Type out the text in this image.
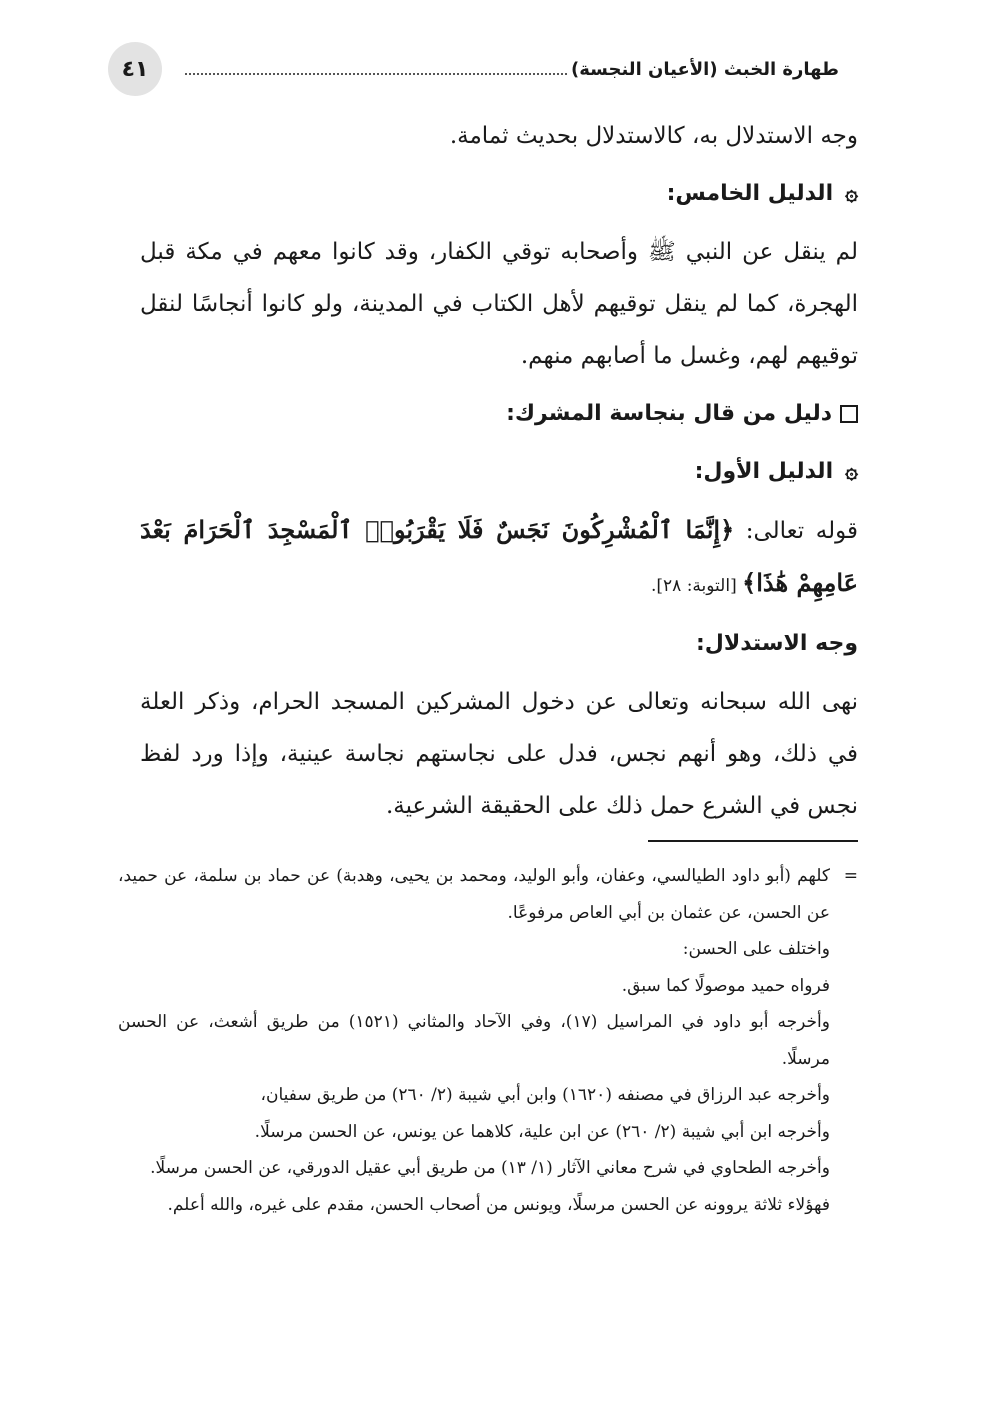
٤١	طهارة الخبث (الأعيان النجسة)

وجه الاستدلال به، كالاستدلال بحديث ثمامة.

۞الدليل الخامس:

لم ينقل عن النبي ﷺ وأصحابه توقي الكفار، وقد كانوا معهم في مكة قبل الهجرة، كما لم ينقل توقيهم لأهل الكتاب في المدينة، ولو كانوا أنجاسًا لنقل توقيهم لهم، وغسل ما أصابهم منهم.

دليل من قال بنجاسة المشرك:

۞الدليل الأول:

قوله تعالى: ﴿إِنَّمَا ٱلْمُشْرِكُونَ نَجَسٌ فَلَا يَقْرَبُوا۟ ٱلْمَسْجِدَ ٱلْحَرَامَ بَعْدَ عَامِهِمْ هَٰذَا﴾ [التوبة: ٢٨].

وجه الاستدلال:

نهى الله سبحانه وتعالى عن دخول المشركين المسجد الحرام، وذكر العلة في ذلك، وهو أنهم نجس، فدل على نجاستهم نجاسة عينية، وإذا ورد لفظ نجس في الشرع حمل ذلك على الحقيقة الشرعية.

=
كلهم (أبو داود الطيالسي، وعفان، وأبو الوليد، ومحمد بن يحيى، وهدبة) عن حماد بن سلمة، عن حميد، عن الحسن، عن عثمان بن أبي العاص مرفوعًا.
واختلف على الحسن:
فرواه حميد موصولًا كما سبق.
وأخرجه أبو داود في المراسيل (١٧)، وفي الآحاد والمثاني (١٥٢١) من طريق أشعث، عن الحسن مرسلًا.
وأخرجه عبد الرزاق في مصنفه (١٦٢٠) وابن أبي شيبة (٢/ ٢٦٠) من طريق سفيان،
وأخرجه ابن أبي شيبة (٢/ ٢٦٠) عن ابن علية، كلاهما عن يونس، عن الحسن مرسلًا.
وأخرجه الطحاوي في شرح معاني الآثار (١/ ١٣) من طريق أبي عقيل الدورقي، عن الحسن مرسلًا.
فهؤلاء ثلاثة يروونه عن الحسن مرسلًا، ويونس من أصحاب الحسن، مقدم على غيره، والله أعلم.
